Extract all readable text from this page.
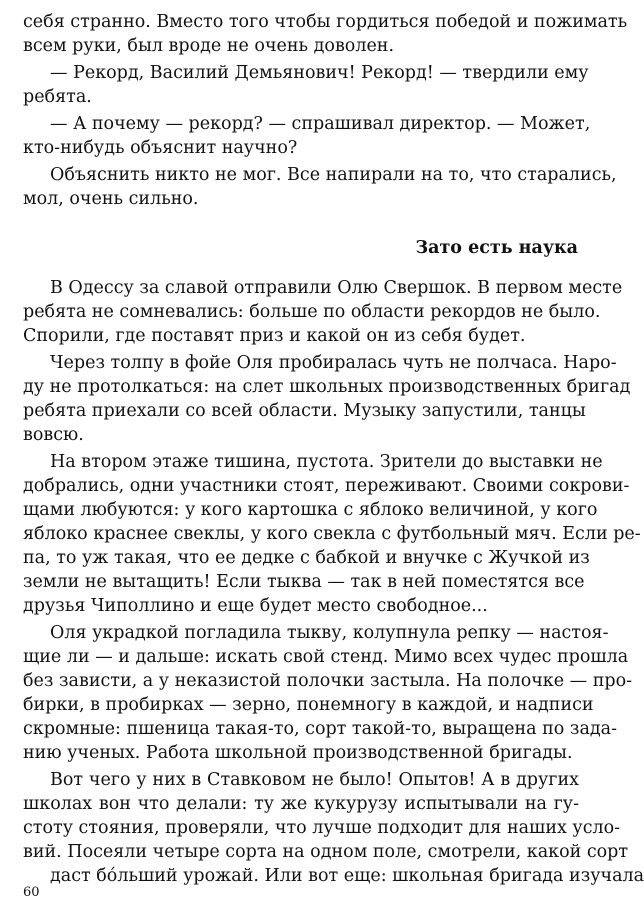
себя странно. Вместо того чтобы гордиться победой и пожимать
всем руки, был вроде не очень доволен.
— Рекорд, Василий Демьянович! Рекорд! — твердили ему
ребята.
— А почему — рекорд? — спрашивал директор. — Может,
кто-нибудь объяснит научно?
Объяснить никто не мог. Все напирали на то, что старались,
мол, очень сильно.
Зато есть наука
В Одессу за славой отправили Олю Свершок. В первом месте
ребята не сомневались: больше по области рекордов не было.
Спорили, где поставят приз и какой он из себя будет.
Через толпу в фойе Оля пробиралась чуть не полчаса. Наро-
ду не протолкаться: на слет школьных производственных бригад
ребята приехали со всей области. Музыку запустили, танцы
вовсю.
На втором этаже тишина, пустота. Зрители до выставки не
добрались, одни участники стоят, переживают. Своими сокрови-
щами любуются: у кого картошка с яблоко величиной, у кого
яблоко краснее свеклы, у кого свекла с футбольный мяч. Если ре-
па, то уж такая, что ее дедке с бабкой и внучке с Жучкой из
земли не вытащить! Если тыква — так в ней поместятся все
друзья Чиполлино и еще будет место свободное...
Оля украдкой погладила тыкву, колупнула репку — настоя-
щие ли — и дальше: искать свой стенд. Мимо всех чудес прошла
без зависти, а у неказистой полочки застыла. На полочке — про-
бирки, в пробирках — зерно, понемногу в каждой, и надписи
скромные: пшеница такая-то, сорт такой-то, выращена по зада-
нию ученых. Работа школьной производственной бригады.
Вот чего у них в Ставковом не было! Опытов! А в других
школах вон что делали: ту же кукурузу испытывали на гу-
стоту стояния, проверяли, что лучше подходит для наших усло-
вий. Посеяли четыре сорта на одном поле, смотрели, какой сорт
даст бóльший урожай. Или вот еще: школьная бригада изучала
60
